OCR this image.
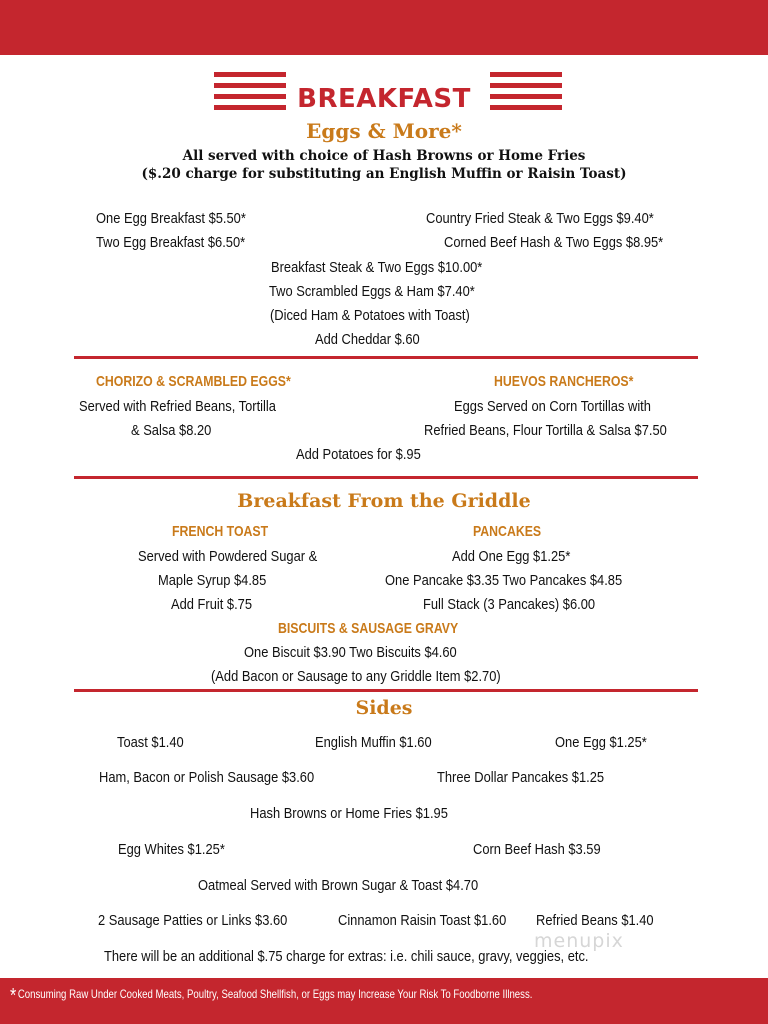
BREAKFAST
Eggs & More*
All served with choice of Hash Browns or Home Fries
($.20 charge for substituting an English Muffin or Raisin Toast)
One Egg Breakfast $5.50*
Two Egg Breakfast $6.50*
Country Fried Steak & Two Eggs $9.40*
Corned Beef Hash & Two Eggs $8.95*
Breakfast Steak & Two Eggs $10.00*
Two Scrambled Eggs & Ham $7.40*
(Diced Ham & Potatoes with Toast)
Add Cheddar $.60
CHORIZO & SCRAMBLED EGGS*
Served with Refried Beans, Tortilla
& Salsa $8.20
HUEVOS RANCHEROS*
Eggs Served on Corn Tortillas with
Refried Beans, Flour Tortilla & Salsa $7.50
Add Potatoes for $.95
Breakfast From the Griddle
FRENCH TOAST
Served with Powdered Sugar &
Maple Syrup $4.85
Add Fruit $.75
PANCAKES
Add One Egg $1.25*
One Pancake $3.35 Two Pancakes $4.85
Full Stack (3 Pancakes) $6.00
BISCUITS & SAUSAGE GRAVY
One Biscuit $3.90 Two Biscuits $4.60
(Add Bacon or Sausage to any Griddle Item $2.70)
Sides
Toast $1.40	English Muffin $1.60	One Egg $1.25*
Ham, Bacon or Polish Sausage $3.60	Three Dollar Pancakes $1.25
Hash Browns or Home Fries $1.95
Egg Whites $1.25*	Corn Beef Hash $3.59
Oatmeal Served with Brown Sugar & Toast $4.70
2 Sausage Patties or Links $3.60	Cinnamon Raisin Toast $1.60 Refried Beans $1.40
There will be an additional $.75 charge for extras: i.e. chili sauce, gravy, veggies, etc.
menupix
* Consuming Raw Under Cooked Meats, Poultry, Seafood Shellfish, or Eggs may Increase Your Risk To Foodborne Illness.
